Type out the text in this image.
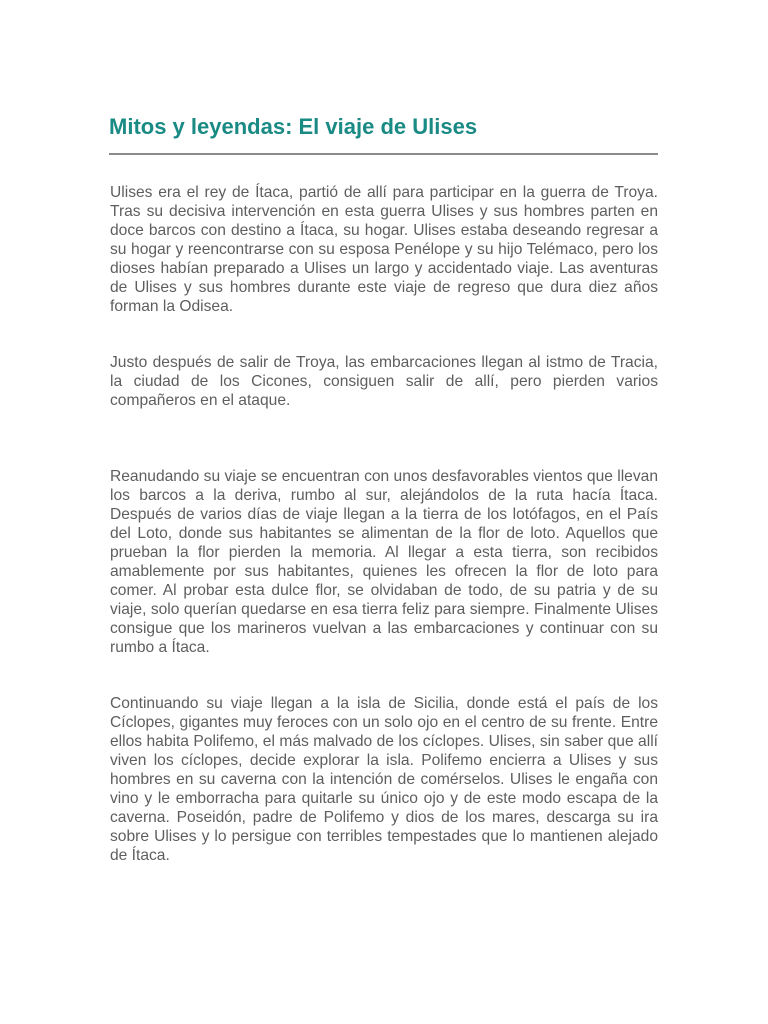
Mitos y leyendas: El viaje de Ulises

Ulises era el rey de Ítaca, partió de allí para participar en la guerra de Troya. Tras su decisiva intervención en esta guerra Ulises y sus hombres parten en doce barcos con destino a Ítaca, su hogar. Ulises estaba deseando regresar a su hogar y reencontrarse con su esposa Penélope y su hijo Telémaco, pero los dioses habían preparado a Ulises un largo y accidentado viaje. Las aventuras de Ulises y sus hombres durante este viaje de regreso que dura diez años forman la Odisea.

Justo después de salir de Troya, las embarcaciones llegan al istmo de Tracia, la ciudad de los Cicones, consiguen salir de allí, pero pierden varios compañeros en el ataque.

Reanudando su viaje se encuentran con unos desfavorables vientos que llevan los barcos a la deriva, rumbo al sur, alejándolos de la ruta hacía Ítaca. Después de varios días de viaje llegan a la tierra de los lotófagos, en el País del Loto, donde sus habitantes se alimentan de la flor de loto. Aquellos que prueban la flor pierden la memoria. Al llegar a esta tierra, son recibidos amablemente por sus habitantes, quienes les ofrecen la flor de loto para comer. Al probar esta dulce flor, se olvidaban de todo, de su patria y de su viaje, solo querían quedarse en esa tierra feliz para siempre. Finalmente Ulises consigue que los marineros vuelvan a las embarcaciones y continuar con su rumbo a Ítaca.

Continuando su viaje llegan a la isla de Sicilia, donde está el país de los Cíclopes, gigantes muy feroces con un solo ojo en el centro de su frente. Entre ellos habita Polifemo, el más malvado de los cíclopes. Ulises, sin saber que allí viven los cíclopes, decide explorar la isla. Polifemo encierra a Ulises y sus hombres en su caverna con la intención de comérselos. Ulises le engaña con vino y le emborracha para quitarle su único ojo y de este modo escapa de la caverna. Poseidón, padre de Polifemo y dios de los mares, descarga su ira sobre Ulises y lo persigue con terribles tempestades que lo mantienen alejado de Ítaca.
